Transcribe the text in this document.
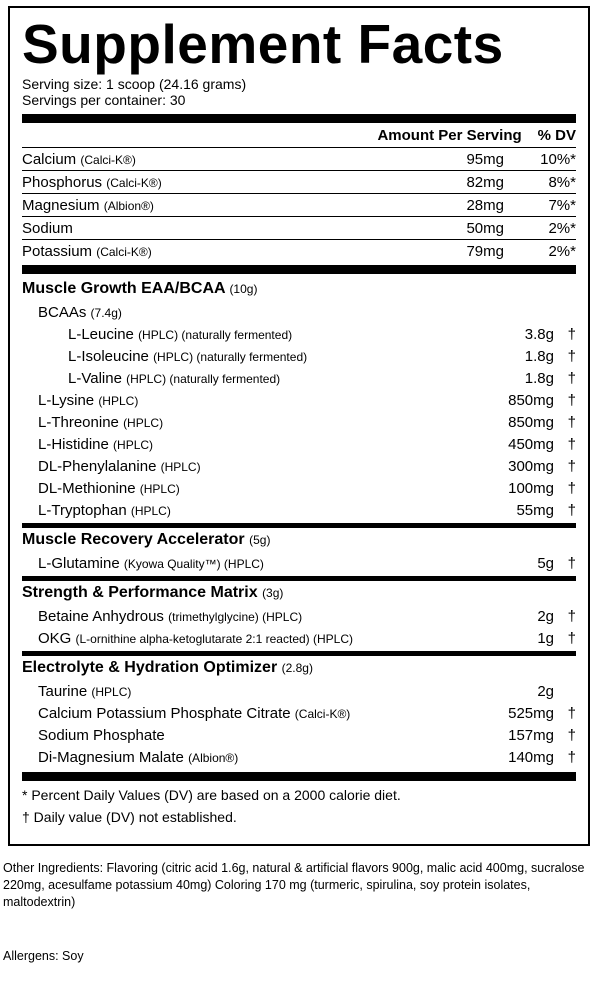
Supplement Facts
Serving size: 1 scoop (24.16 grams)
Servings per container: 30
Amount Per Serving % DV
Calcium (Calci-K®)	95mg	10%*
Phosphorus (Calci-K®)	82mg	8%*
Magnesium (Albion®)	28mg	7%*
Sodium	50mg	2%*
Potassium (Calci-K®)	79mg	2%*
Muscle Growth EAA/BCAA (10g)
BCAAs (7.4g)
L-Leucine (HPLC) (naturally fermented)	3.8g †
L-Isoleucine (HPLC) (naturally fermented)	1.8g †
L-Valine (HPLC) (naturally fermented)	1.8g †
L-Lysine (HPLC)	850mg †
L-Threonine (HPLC)	850mg †
L-Histidine (HPLC)	450mg †
DL-Phenylalanine (HPLC)	300mg †
DL-Methionine (HPLC)	100mg †
L-Tryptophan (HPLC)	55mg †
Muscle Recovery Accelerator (5g)
L-Glutamine (Kyowa Quality™) (HPLC)	5g †
Strength & Performance Matrix (3g)
Betaine Anhydrous (trimethylglycine) (HPLC)	2g †
OKG (L-ornithine alpha-ketoglutarate 2:1 reacted) (HPLC)	1g †
Electrolyte & Hydration Optimizer (2.8g)
Taurine (HPLC)	2g
Calcium Potassium Phosphate Citrate (Calci-K®)	525mg †
Sodium Phosphate	157mg †
Di-Magnesium Malate (Albion®)	140mg †
* Percent Daily Values (DV) are based on a 2000 calorie diet.
† Daily value (DV) not established.
Other Ingredients: Flavoring (citric acid 1.6g, natural & artificial flavors 900g, malic acid 400mg, sucralose 220mg, acesulfame potassium 40mg) Coloring 170 mg (turmeric, spirulina, soy protein isolates, maltodextrin)
Allergens: Soy
